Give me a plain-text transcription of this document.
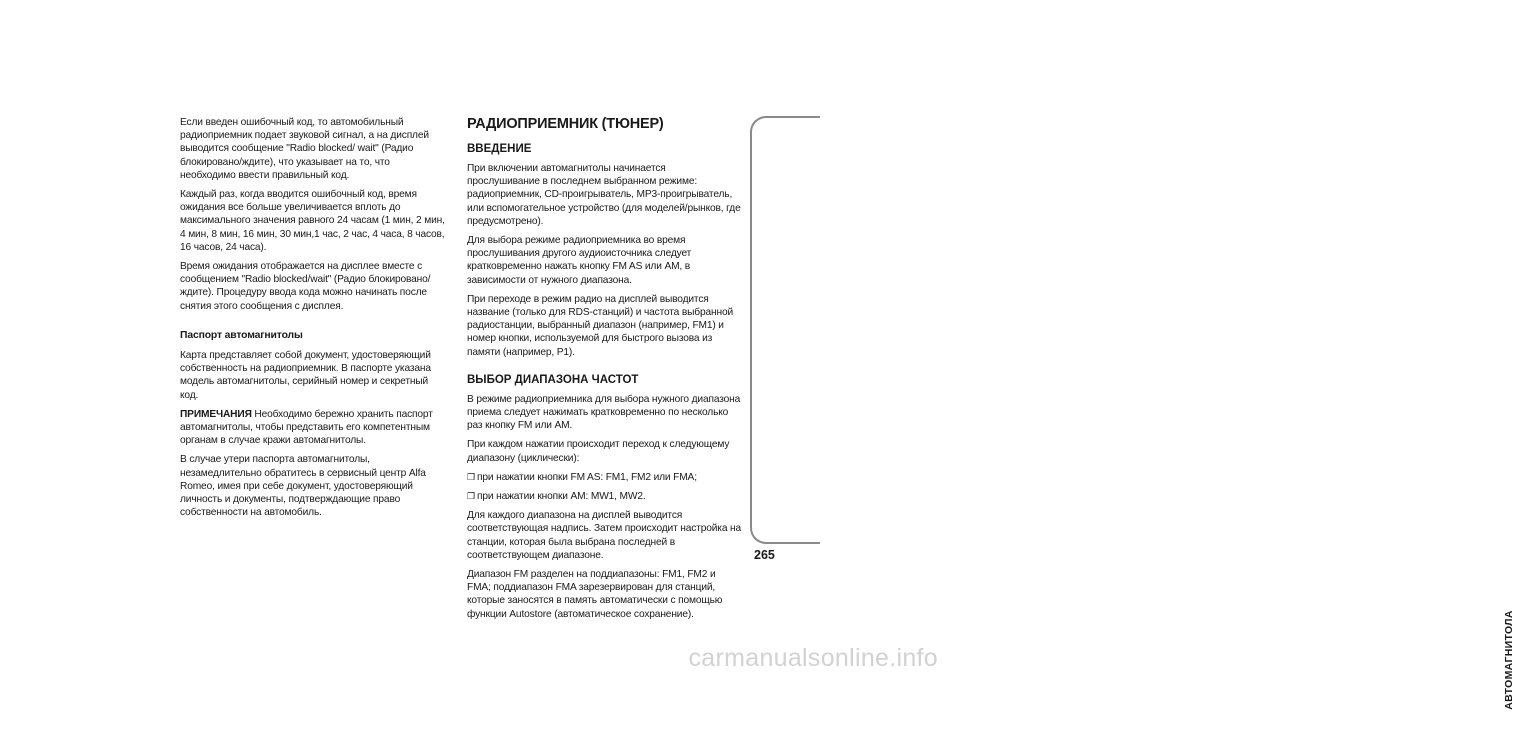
Если введен ошибочный код, то автомобильный радиоприемник подает звуковой сигнал, а на дисплей выводится сообщение "Radio blocked/ wait" (Радио блокировано/ждите), что указывает на то, что необходимо ввести правильный код.

Каждый раз, когда вводится ошибочный код, время ожидания все больше увеличивается вплоть до максимального значения равного 24 часам (1 мин, 2 мин, 4 мин, 8 мин, 16 мин, 30 мин,1 час, 2 час, 4 часа, 8 часов, 16 часов, 24 часа).

Время ожидания отображается на дисплее вместе с сообщением "Radio blocked/wait" (Радио блокировано/ждите). Процедуру ввода кода можно начинать после снятия этого сообщения с дисплея.

Паспорт автомагнитолы

Карта представляет собой документ, удостоверяющий собственность на радиоприемник. В паспорте указана модель автомагнитолы, серийный номер и секретный код.

ПРИМЕЧАНИЯ Необходимо бережно хранить паспорт автомагнитолы, чтобы представить его компетентным органам в случае кражи автомагнитолы.

В случае утери паспорта автомагнитолы, незамедлительно обратитесь в сервисный центр Alfa Romeo, имея при себе документ, удостоверяющий личность и документы, подтверждающие право собственности на автомобиль.

РАДИОПРИЕМНИК (ТЮНЕР)
ВВЕДЕНИЕ

При включении автомагнитолы начинается прослушивание в последнем выбранном режиме: радиоприемник, CD-проигрыватель, MP3-проигрыватель, или вспомогательное устройство (для моделей/рынков, где предусмотрено).

Для выбора режиме радиоприемника во время прослушивания другого аудиоисточника следует кратковременно нажать кнопку FM AS или AM, в зависимости от нужного диапазона.

При переходе в режим радио на дисплей выводится название (только для RDS-станций) и частота выбранной радиостанции, выбранный диапазон (например, FM1) и номер кнопки, используемой для быстрого вызова из памяти (например, P1).

ВЫБОР ДИАПАЗОНА ЧАСТОТ

В режиме радиоприемника для выбора нужного диапазона приема следует нажимать кратковременно по несколько раз кнопку FM или AM.

При каждом нажатии происходит переход к следующему диапазону (циклически):

❒ при нажатии кнопки FM AS: FM1, FM2 или FMA;

❒ при нажатии кнопки AM: MW1, MW2.

Для каждого диапазона на дисплей выводится соответствующая надпись. Затем происходит настройка на станции, которая была выбрана последней в соответствующем диапазоне.

Диапазон FM разделен на поддиапазоны: FM1, FM2 и FMA; поддиапазон FMA зарезервирован для станций, которые заносятся в память автоматически с помощью функции Autostore (автоматическое сохранение).	АВТОМАГНИТОЛА
265
carmanualsonline.info
